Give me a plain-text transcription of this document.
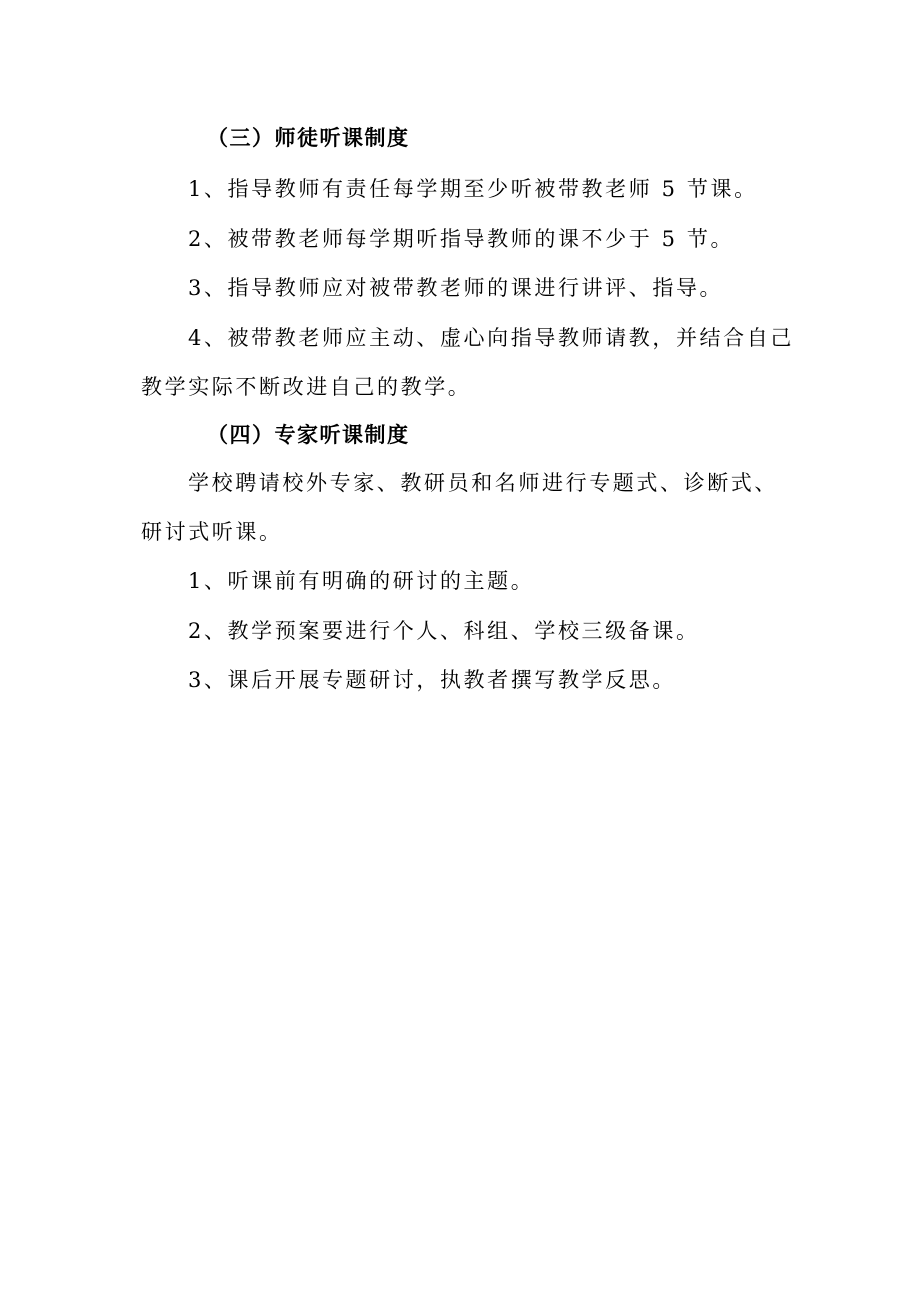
（三）师徒听课制度
1、指导教师有责任每学期至少听被带教老师 5 节课。
2、被带教老师每学期听指导教师的课不少于 5 节。
3、指导教师应对被带教老师的课进行讲评、指导。
4、被带教老师应主动、虚心向指导教师请教，并结合自己
教学实际不断改进自己的教学。
（四）专家听课制度
学校聘请校外专家、教研员和名师进行专题式、诊断式、
研讨式听课。
1、听课前有明确的研讨的主题。
2、教学预案要进行个人、科组、学校三级备课。
3、课后开展专题研讨，执教者撰写教学反思。
